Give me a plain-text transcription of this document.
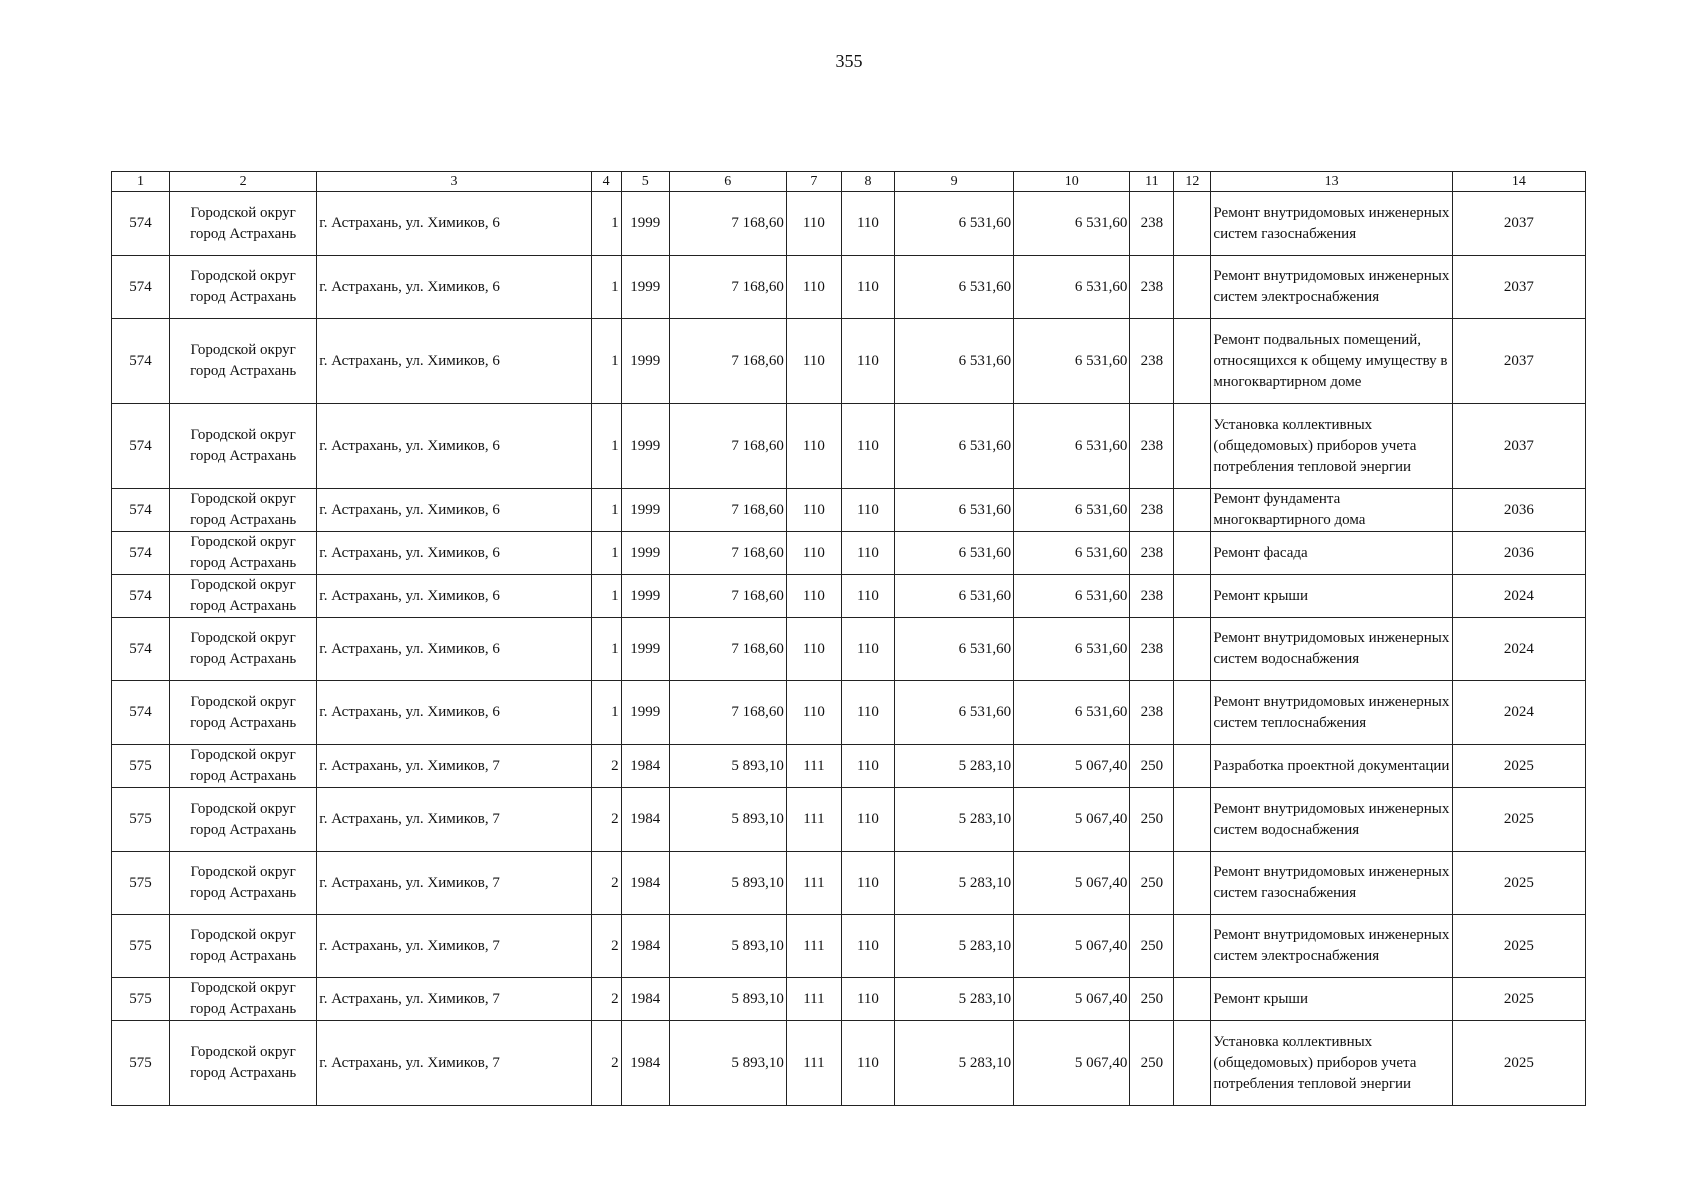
355
1	2	3	4	5	6	7	8	9	10	11	12	13	14
574	Городской округ город Астрахань	г. Астрахань, ул. Химиков, 6	1	1999	7 168,60	110	110	6 531,60	6 531,60	238		Ремонт внутридомовых инженерных систем газоснабжения	2037
574	Городской округ город Астрахань	г. Астрахань, ул. Химиков, 6	1	1999	7 168,60	110	110	6 531,60	6 531,60	238		Ремонт внутридомовых инженерных систем электроснабжения	2037
574	Городской округ город Астрахань	г. Астрахань, ул. Химиков, 6	1	1999	7 168,60	110	110	6 531,60	6 531,60	238		Ремонт подвальных помещений, относящихся к общему имуществу в многоквартирном доме	2037
574	Городской округ город Астрахань	г. Астрахань, ул. Химиков, 6	1	1999	7 168,60	110	110	6 531,60	6 531,60	238		Установка коллективных (общедомовых) приборов учета потребления тепловой энергии	2037
574	Городской округ город Астрахань	г. Астрахань, ул. Химиков, 6	1	1999	7 168,60	110	110	6 531,60	6 531,60	238		Ремонт фундамента многоквартирного дома	2036
574	Городской округ город Астрахань	г. Астрахань, ул. Химиков, 6	1	1999	7 168,60	110	110	6 531,60	6 531,60	238		Ремонт фасада	2036
574	Городской округ город Астрахань	г. Астрахань, ул. Химиков, 6	1	1999	7 168,60	110	110	6 531,60	6 531,60	238		Ремонт крыши	2024
574	Городской округ город Астрахань	г. Астрахань, ул. Химиков, 6	1	1999	7 168,60	110	110	6 531,60	6 531,60	238		Ремонт внутридомовых инженерных систем водоснабжения	2024
574	Городской округ город Астрахань	г. Астрахань, ул. Химиков, 6	1	1999	7 168,60	110	110	6 531,60	6 531,60	238		Ремонт внутридомовых инженерных систем теплоснабжения	2024
575	Городской округ город Астрахань	г. Астрахань, ул. Химиков, 7	2	1984	5 893,10	111	110	5 283,10	5 067,40	250		Разработка проектной документации	2025
575	Городской округ город Астрахань	г. Астрахань, ул. Химиков, 7	2	1984	5 893,10	111	110	5 283,10	5 067,40	250		Ремонт внутридомовых инженерных систем водоснабжения	2025
575	Городской округ город Астрахань	г. Астрахань, ул. Химиков, 7	2	1984	5 893,10	111	110	5 283,10	5 067,40	250		Ремонт внутридомовых инженерных систем газоснабжения	2025
575	Городской округ город Астрахань	г. Астрахань, ул. Химиков, 7	2	1984	5 893,10	111	110	5 283,10	5 067,40	250		Ремонт внутридомовых инженерных систем электроснабжения	2025
575	Городской округ город Астрахань	г. Астрахань, ул. Химиков, 7	2	1984	5 893,10	111	110	5 283,10	5 067,40	250		Ремонт крыши	2025
575	Городской округ город Астрахань	г. Астрахань, ул. Химиков, 7	2	1984	5 893,10	111	110	5 283,10	5 067,40	250		Установка коллективных (общедомовых) приборов учета потребления тепловой энергии	2025
